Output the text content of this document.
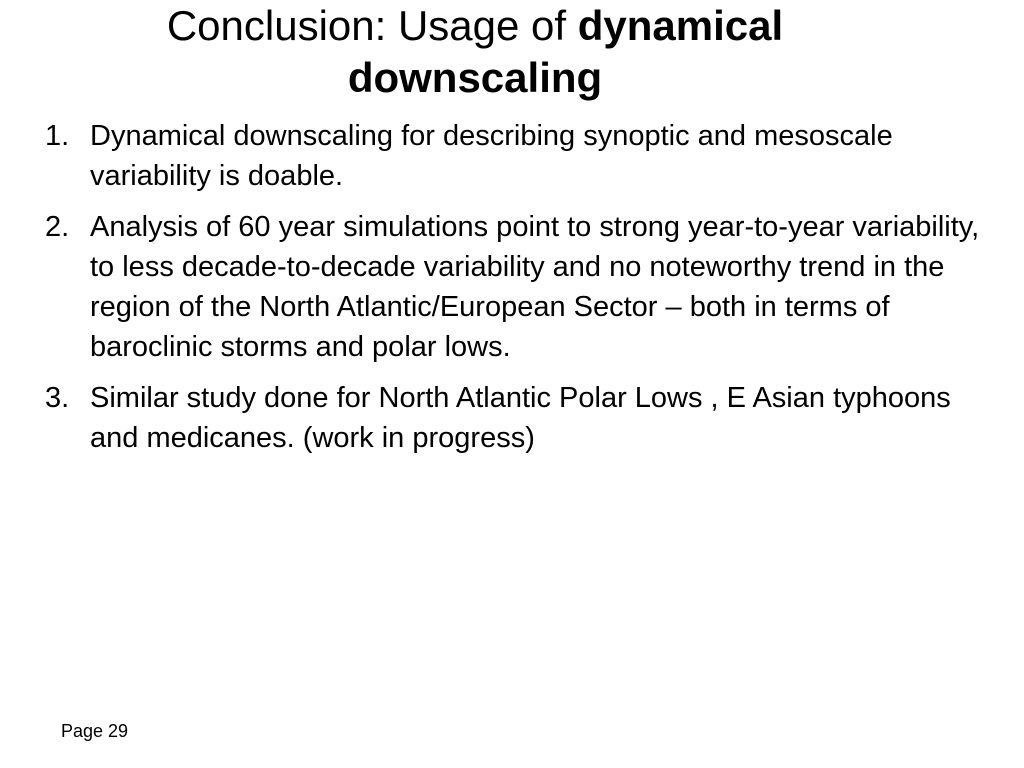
Conclusion: Usage of dynamical
downscaling
1. Dynamical downscaling for describing synoptic and mesoscale variability is doable.
2. Analysis of 60 year simulations point to strong year-to-year variability, to less decade-to-decade variability and no noteworthy trend in the region of the North Atlantic/European Sector – both in terms of baroclinic storms and polar lows.
3. Similar study done for North Atlantic Polar Lows , E Asian typhoons and medicanes. (work in progress)
Page 29
